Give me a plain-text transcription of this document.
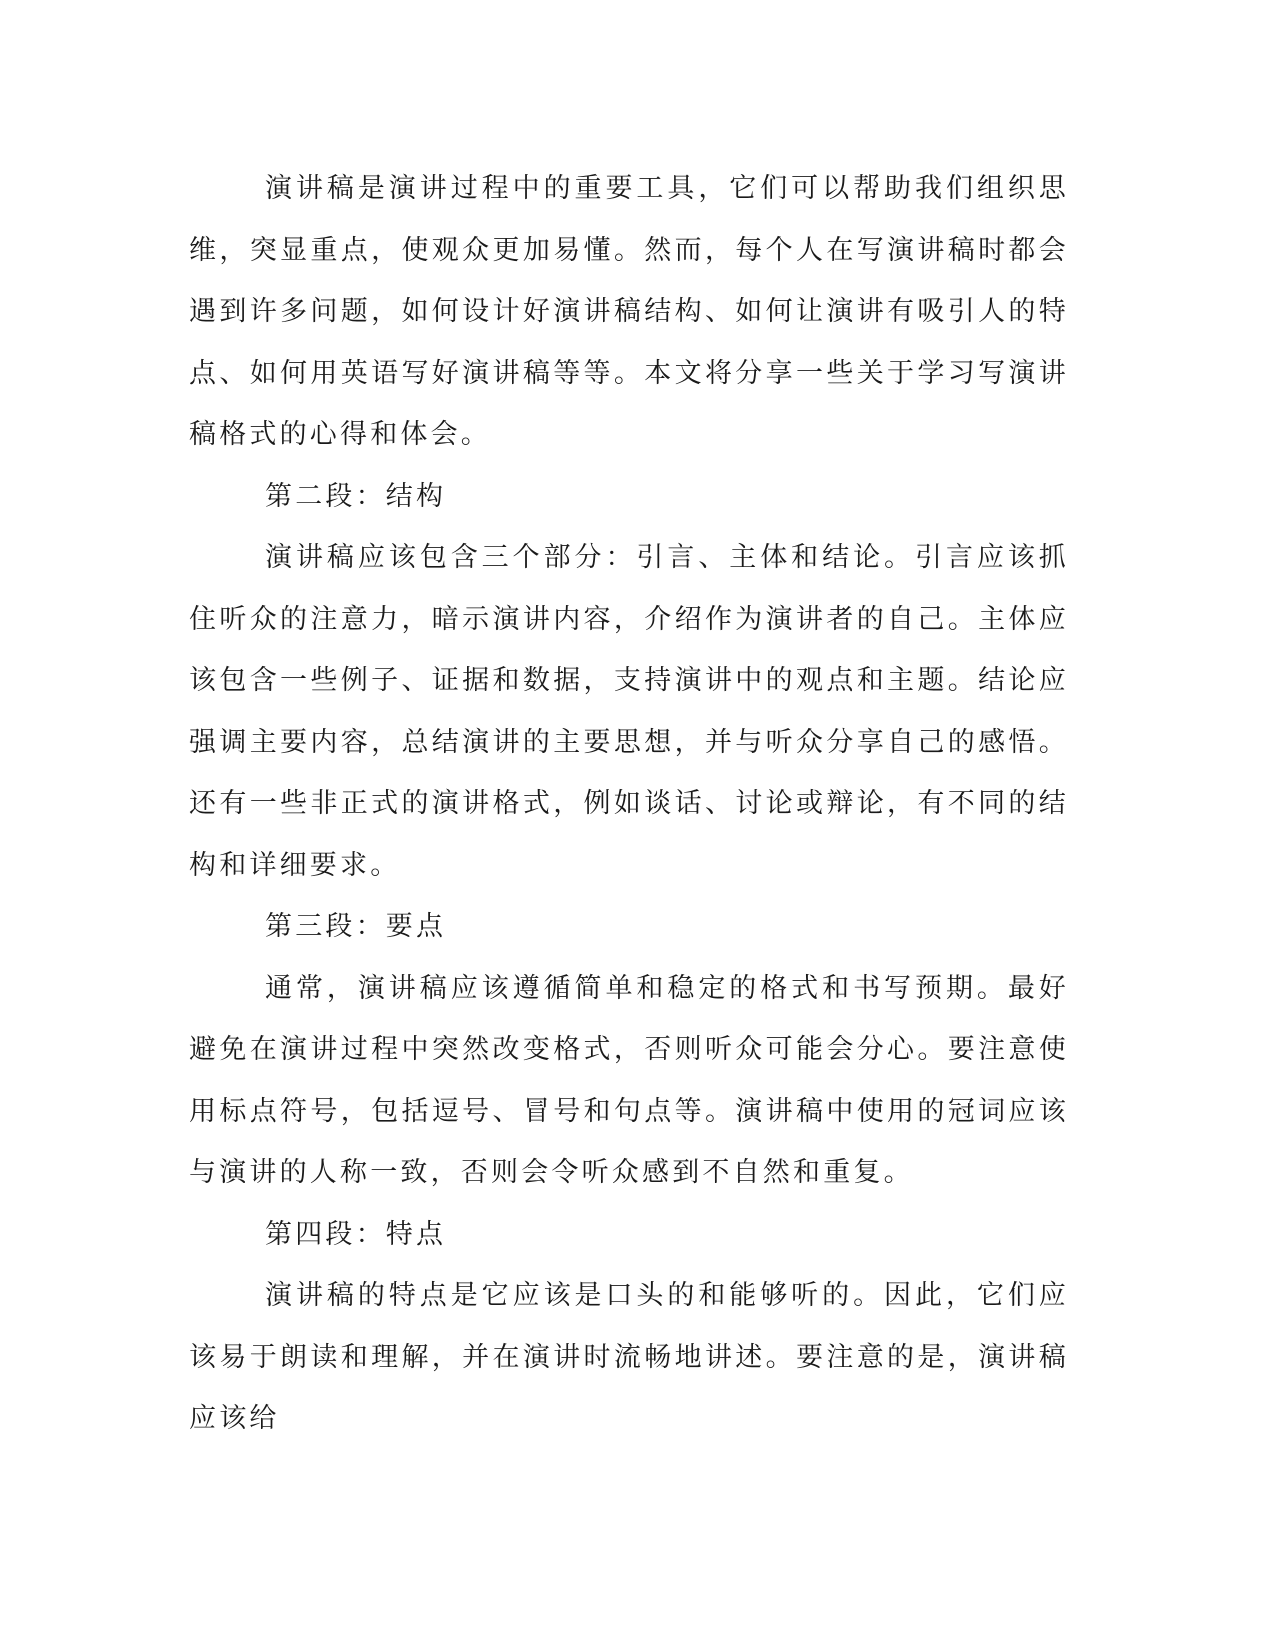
演讲稿是演讲过程中的重要工具，它们可以帮助我们组织思维，突显重点，使观众更加易懂。然而，每个人在写演讲稿时都会遇到许多问题，如何设计好演讲稿结构、如何让演讲有吸引人的特点、如何用英语写好演讲稿等等。本文将分享一些关于学习写演讲稿格式的心得和体会。

第二段：结构

演讲稿应该包含三个部分：引言、主体和结论。引言应该抓住听众的注意力，暗示演讲内容，介绍作为演讲者的自己。主体应该包含一些例子、证据和数据，支持演讲中的观点和主题。结论应强调主要内容，总结演讲的主要思想，并与听众分享自己的感悟。还有一些非正式的演讲格式，例如谈话、讨论或辩论，有不同的结构和详细要求。

第三段：要点

通常，演讲稿应该遵循简单和稳定的格式和书写预期。最好避免在演讲过程中突然改变格式，否则听众可能会分心。要注意使用标点符号，包括逗号、冒号和句点等。演讲稿中使用的冠词应该与演讲的人称一致，否则会令听众感到不自然和重复。

第四段：特点

演讲稿的特点是它应该是口头的和能够听的。因此，它们应该易于朗读和理解，并在演讲时流畅地讲述。要注意的是，演讲稿应该给
